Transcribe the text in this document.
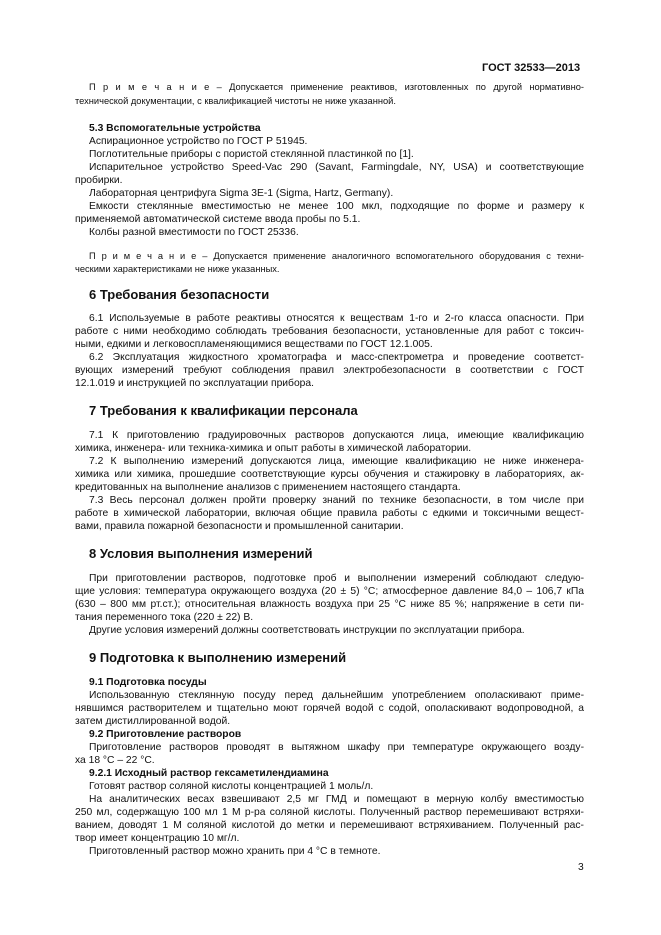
ГОСТ 32533—2013
П р и м е ч а н и е – Допускается применение реактивов, изготовленных по другой нормативно-
технической документации, с квалификацией чистоты не ниже указанной.
5.3 Вспомогательные устройства
Аспирационное устройство по ГОСТ Р 51945.
Поглотительные приборы с пористой стеклянной пластинкой по [1].
Испарительное устройство Speed-Vac 290 (Savant, Farmingdale, NY, USA) и соответствующие
пробирки.
Лабораторная центрифуга Sigma 3E-1 (Sigma, Hartz, Germany).
Емкости стеклянные вместимостью не менее 100 мкл, подходящие по форме и размеру к
применяемой автоматической системе ввода пробы по 5.1.
Колбы разной вместимости по ГОСТ 25336.
П р и м е ч а н и е – Допускается применение аналогичного вспомогательного оборудования с техни-
ческими характеристиками не ниже указанных.
6 Требования безопасности
6.1 Используемые в работе реактивы относятся к веществам 1-го и 2-го класса опасности. При
работе с ними необходимо соблюдать требования безопасности, установленные для работ с токсич-
ными, едкими и легковоспламеняющимися веществами по ГОСТ 12.1.005.
6.2 Эксплуатация жидкостного хроматографа и масс-спектрометра и проведение соответст-
вующих измерений требуют соблюдения правил электробезопасности в соответствии с ГОСТ
12.1.019 и инструкцией по эксплуатации прибора.
7 Требования к квалификации персонала
7.1 К приготовлению градуировочных растворов допускаются лица, имеющие квалификацию
химика, инженера- или техника-химика и опыт работы в химической лаборатории.
7.2 К выполнению измерений допускаются лица, имеющие квалификацию не ниже инженера-
химика или химика, прошедшие соответствующие курсы обучения и стажировку в лабораториях, ак-
кредитованных на выполнение анализов с применением настоящего стандарта.
7.3 Весь персонал должен пройти проверку знаний по технике безопасности, в том числе при
работе в химической лаборатории, включая общие правила работы с едкими и токсичными вещест-
вами, правила пожарной безопасности и промышленной санитарии.
8 Условия выполнения измерений
При приготовлении растворов, подготовке проб и выполнении измерений соблюдают следую-
щие условия: температура окружающего воздуха (20 ± 5) °С; атмосферное давление 84,0 – 106,7 кПа
(630 – 800 мм рт.ст.); относительная влажность воздуха при 25 °С ниже 85 %; напряжение в сети пи-
тания переменного тока (220 ± 22) В.
Другие условия измерений должны соответствовать инструкции по эксплуатации прибора.
9 Подготовка к выполнению измерений
9.1 Подготовка посуды
Использованную стеклянную посуду перед дальнейшим употреблением ополаскивают приме-
нявшимся растворителем и тщательно моют горячей водой с содой, ополаскивают водопроводной, а
затем дистиллированной водой.
9.2 Приготовление растворов
Приготовление растворов проводят в вытяжном шкафу при температуре окружающего возду-
ха 18 °С – 22 °С.
9.2.1 Исходный раствор гексаметилендиамина
Готовят раствор соляной кислоты концентрацией 1 моль/л.
На аналитических весах взвешивают 2,5 мг ГМД и помещают в мерную колбу вместимостью
250 мл, содержащую 100 мл 1 М р-ра соляной кислоты. Полученный раствор перемешивают встряхи-
ванием, доводят 1 М соляной кислотой до метки и перемешивают встряхиванием. Полученный рас-
твор имеет концентрацию 10 мг/л.
Приготовленный раствор можно хранить при 4 °С в темноте.
3
